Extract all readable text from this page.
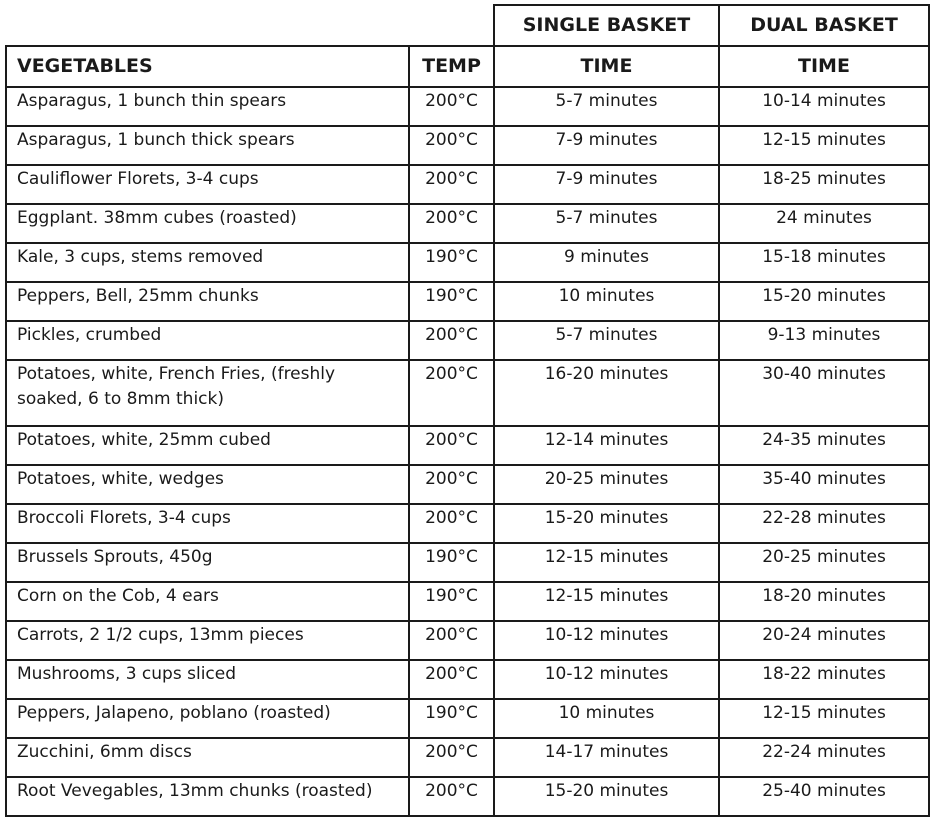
		SINGLE BASKET	DUAL BASKET
VEGETABLES	TEMP	TIME	TIME
Asparagus, 1 bunch thin spears	200°C	5-7 minutes	10-14 minutes
Asparagus, 1 bunch thick spears	200°C	7-9 minutes	12-15 minutes
Cauliflower Florets, 3-4 cups	200°C	7-9 minutes	18-25 minutes
Eggplant. 38mm cubes (roasted)	200°C	5-7 minutes	24 minutes
Kale, 3 cups, stems removed	190°C	9 minutes	15-18 minutes
Peppers, Bell, 25mm chunks	190°C	10 minutes	15-20 minutes
Pickles, crumbed	200°C	5-7 minutes	9-13 minutes
Potatoes, white, French Fries, (freshly soaked, 6 to 8mm thick)	200°C	16-20 minutes	30-40 minutes
Potatoes, white, 25mm cubed	200°C	12-14 minutes	24-35 minutes
Potatoes, white, wedges	200°C	20-25 minutes	35-40 minutes
Broccoli Florets, 3-4 cups	200°C	15-20 minutes	22-28 minutes
Brussels Sprouts, 450g	190°C	12-15 minutes	20-25 minutes
Corn on the Cob, 4 ears	190°C	12-15 minutes	18-20 minutes
Carrots, 2 1/2 cups, 13mm pieces	200°C	10-12 minutes	20-24 minutes
Mushrooms, 3 cups sliced	200°C	10-12 minutes	18-22 minutes
Peppers, Jalapeno, poblano (roasted)	190°C	10 minutes	12-15 minutes
Zucchini, 6mm discs	200°C	14-17 minutes	22-24 minutes
Root Vevegables, 13mm chunks (roasted)	200°C	15-20 minutes	25-40 minutes
